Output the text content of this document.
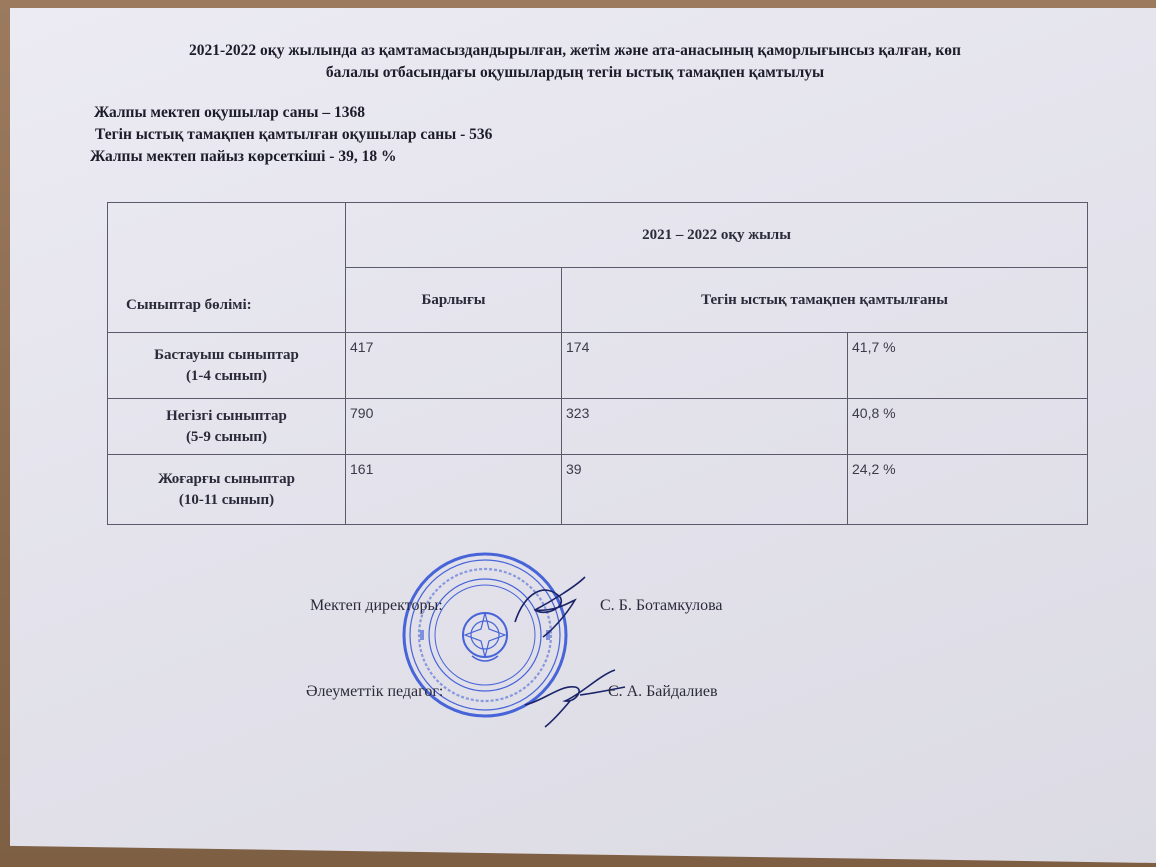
2021-2022 оқу жылында аз қамтамасыздандырылған, жетім және ата-анасының қаморлығынсыз қалған, көп
балалы отбасындағы оқушылардың тегін ыстық тамақпен қамтылуы
Жалпы мектеп оқушылар саны – 1368
Тегін ыстық тамақпен қамтылған оқушылар саны - 536
Жалпы мектеп пайыз көрсеткіші - 39, 18 %
Сыныптар бөлімі:	2021 – 2022 оқу жылы		
	Барлығы	Тегін ыстық тамақпен қамтылғаны	

Бастауыш сыныптар
(1-4 сынып)	417	174	41,7 %

Негізгі сыныптар
(5-9 сынып)	790	323	40,8 %

Жоғарғы сыныптар
(10-11 сынып)	161	39	24,2 %
Мектеп директоры:	С. Б. Ботамкулова
Әлеуметтік педагог:	Є. А. Байдалиев
